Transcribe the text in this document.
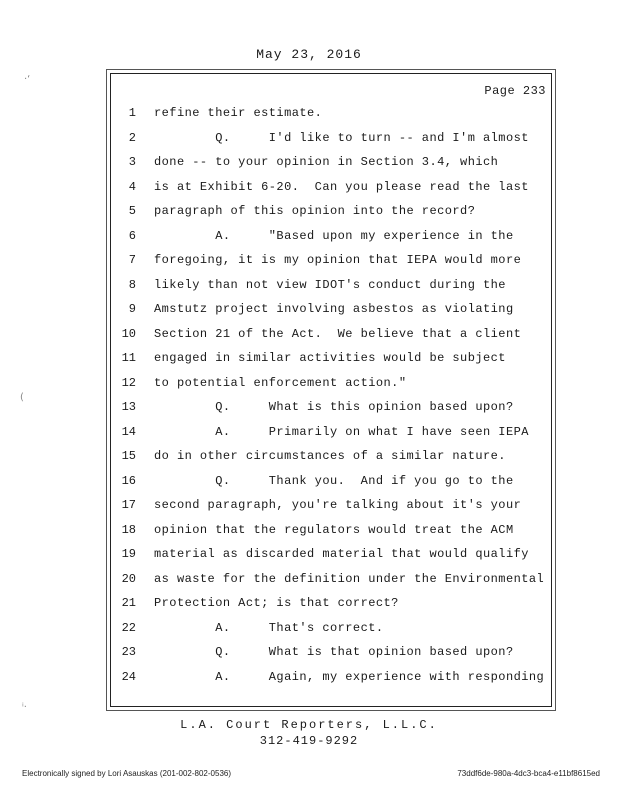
May 23, 2016
Page 233
1 refine their estimate.
2 Q.     I'd like to turn -- and I'm almost
3 done -- to your opinion in Section 3.4, which
4 is at Exhibit 6-20.  Can you please read the last
5 paragraph of this opinion into the record?
6 A.     "Based upon my experience in the
7 foregoing, it is my opinion that IEPA would more
8 likely than not view IDOT's conduct during the
9 Amstutz project involving asbestos as violating
10 Section 21 of the Act.  We believe that a client
11 engaged in similar activities would be subject
12 to potential enforcement action."
13 Q.     What is this opinion based upon?
14 A.     Primarily on what I have seen IEPA
15 do in other circumstances of a similar nature.
16 Q.     Thank you.  And if you go to the
17 second paragraph, you're talking about it's your
18 opinion that the regulators would treat the ACM
19 material as discarded material that would qualify
20 as waste for the definition under the Environmental
21 Protection Act; is that correct?
22 A.     That's correct.
23 Q.     What is that opinion based upon?
24 A.     Again, my experience with responding
L.A. Court Reporters, L.L.C.
312-419-9292
Electronically signed by Lori Asauskas (201-002-802-0536)	73ddf6de-980a-4dc3-bca4-e11bf8615ed
·‘
(
ⁱ·
